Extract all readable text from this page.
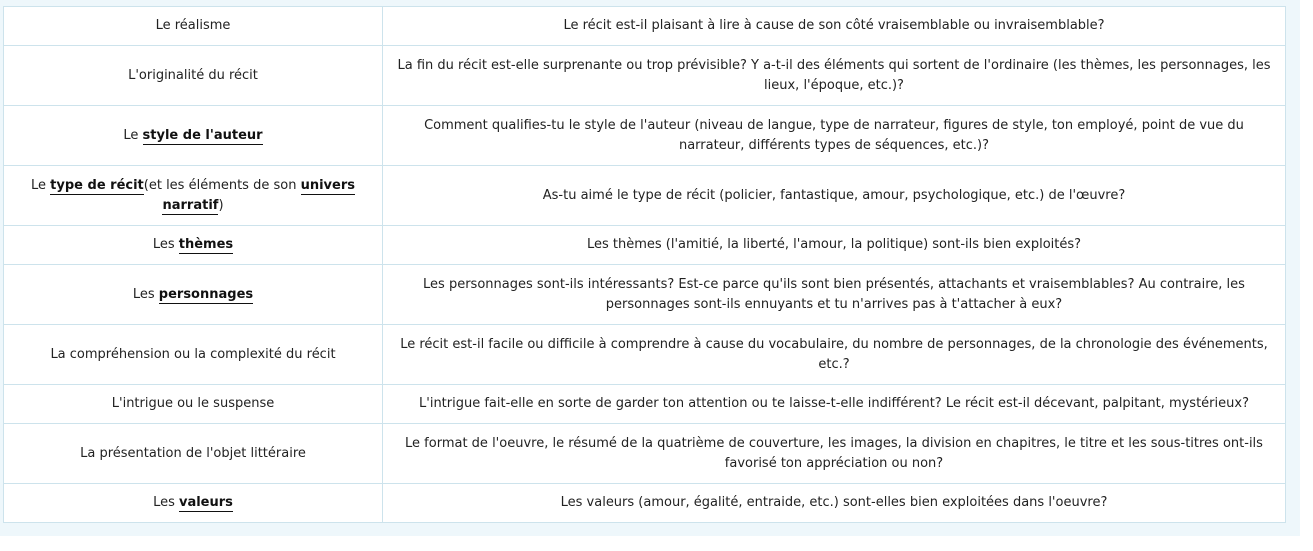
Le réalisme	Le récit est-il plaisant à lire à cause de son côté vraisemblable ou invraisemblable?
L'originalité du récit	La fin du récit est-elle surprenante ou trop prévisible? Y a-t-il des éléments qui sortent de l'ordinaire (les thèmes, les personnages, les lieux, l'époque, etc.)?
Le style de l'auteur	Comment qualifies-tu le style de l'auteur (niveau de langue, type de narrateur, figures de style, ton employé, point de vue du narrateur, différents types de séquences, etc.)?
Le type de récit(et les éléments de son univers narratif)	As-tu aimé le type de récit (policier, fantastique, amour, psychologique, etc.) de l'œuvre?
Les thèmes	Les thèmes (l'amitié, la liberté, l'amour, la politique) sont-ils bien exploités?
Les personnages	Les personnages sont-ils intéressants? Est-ce parce qu'ils sont bien présentés, attachants et vraisemblables? Au contraire, les personnages sont-ils ennuyants et tu n'arrives pas à t'attacher à eux?
La compréhension ou la complexité du récit	Le récit est-il facile ou difficile à comprendre à cause du vocabulaire, du nombre de personnages, de la chronologie des événements, etc.?
L'intrigue ou le suspense	L'intrigue fait-elle en sorte de garder ton attention ou te laisse-t-elle indifférent? Le récit est-il décevant, palpitant, mystérieux?
La présentation de l'objet littéraire	Le format de l'oeuvre, le résumé de la quatrième de couverture, les images, la division en chapitres, le titre et les sous-titres ont-ils favorisé ton appréciation ou non?
Les valeurs	Les valeurs (amour, égalité, entraide, etc.) sont-elles bien exploitées dans l'oeuvre?
